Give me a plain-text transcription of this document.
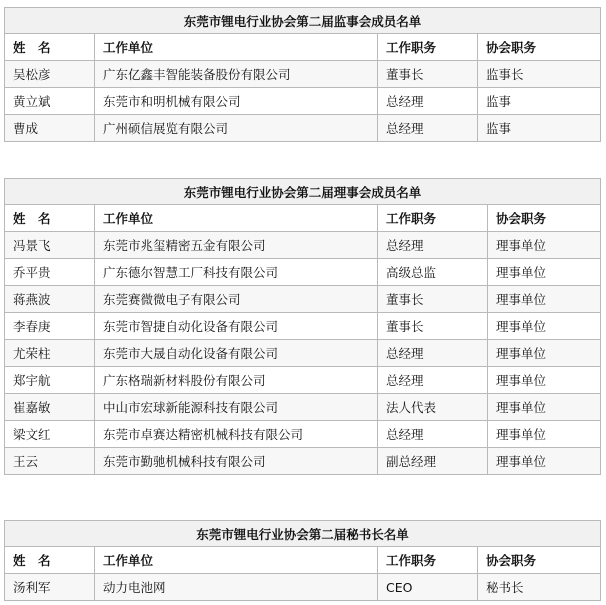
东莞市锂电行业协会第二届监事会成员名单			
姓　名	工作单位	工作职务	协会职务
吴松彦	广东亿鑫丰智能装备股份有限公司	董事长	监事长
黄立斌	东莞市和明机械有限公司	总经理	监事
曹成	广州硕信展览有限公司	总经理	监事
东莞市锂电行业协会第二届理事会成员名单			
姓　名	工作单位	工作职务	协会职务
冯景飞	东莞市兆玺精密五金有限公司	总经理	理事单位
乔平贵	广东德尔智慧工厂科技有限公司	高级总监	理事单位
蒋燕波	东莞赛微微电子有限公司	董事长	理事单位
李春庚	东莞市智捷自动化设备有限公司	董事长	理事单位
尤荣柱	东莞市大晟自动化设备有限公司	总经理	理事单位
郑宇航	广东格瑞新材料股份有限公司	总经理	理事单位
崔嘉敏	中山市宏球新能源科技有限公司	法人代表	理事单位
梁文红	东莞市卓赛达精密机械科技有限公司	总经理	理事单位
王云	东莞市勤驰机械科技有限公司	副总经理	理事单位
东莞市锂电行业协会第二届秘书长名单			
姓　名	工作单位	工作职务	协会职务
汤利军	动力电池网	CEO	秘书长
